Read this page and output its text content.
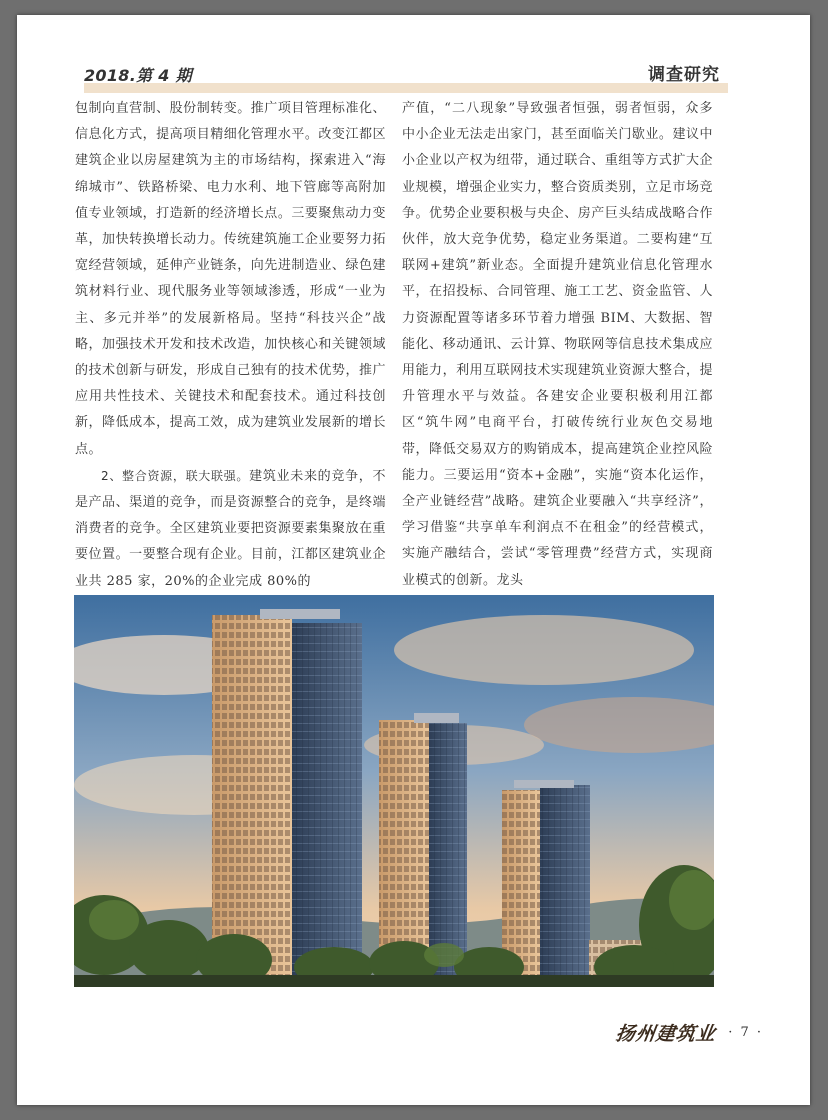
2018.第 4 期	调查研究

包制向直营制、股份制转变。推广项目管理标准化、信息化方式，提高项目精细化管理水平。改变江都区建筑企业以房屋建筑为主的市场结构，探索进入“海绵城市”、铁路桥梁、电力水利、地下管廊等高附加值专业领域，打造新的经济增长点。三要聚焦动力变革，加快转换增长动力。传统建筑施工企业要努力拓宽经营领域，延伸产业链条，向先进制造业、绿色建筑材料行业、现代服务业等领域渗透，形成“一业为主、多元并举”的发展新格局。坚持“科技兴企”战略，加强技术开发和技术改造，加快核心和关键领域的技术创新与研发，形成自己独有的技术优势，推广应用共性技术、关键技术和配套技术。通过科技创新，降低成本，提高工效，成为建筑业发展新的增长点。

2、整合资源，联大联强。建筑业未来的竞争，不是产品、渠道的竞争，而是资源整合的竞争，是终端消费者的竞争。全区建筑业要把资源要素集聚放在重要位置。一要整合现有企业。目前，江都区建筑业企业共 285 家，20%的企业完成 80%的

产值，“二八现象”导致强者恒强，弱者恒弱，众多中小企业无法走出家门，甚至面临关门歇业。建议中小企业以产权为纽带，通过联合、重组等方式扩大企业规模，增强企业实力，整合资质类别，立足市场竞争。优势企业要积极与央企、房产巨头结成战略合作伙伴，放大竞争优势，稳定业务渠道。二要构建“互联网+建筑”新业态。全面提升建筑业信息化管理水平，在招投标、合同管理、施工工艺、资金监管、人力资源配置等诸多环节着力增强 BIM、大数据、智能化、移动通讯、云计算、物联网等信息技术集成应用能力，利用互联网技术实现建筑业资源大整合，提升管理水平与效益。各建安企业要积极利用江都区“筑牛网”电商平台，打破传统行业灰色交易地带，降低交易双方的购销成本，提高建筑企业控风险能力。三要运用“资本+金融”，实施“资本化运作，全产业链经营”战略。建筑企业要融入“共享经济”，学习借鉴“共享单车利润点不在租金”的经营模式，实施产融结合，尝试“零管理费”经营方式，实现商业模式的创新。龙头

扬州建筑业 · 7 ·
